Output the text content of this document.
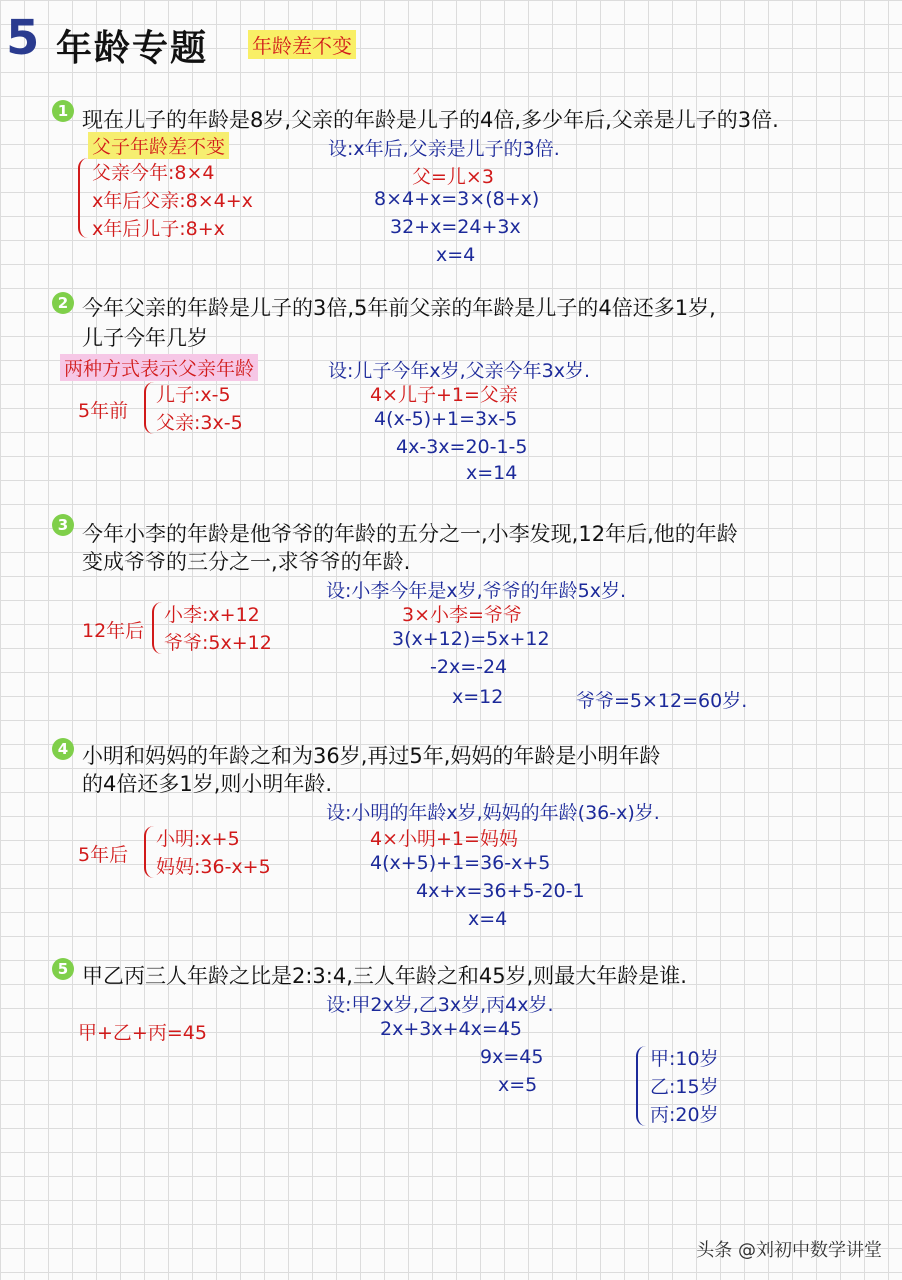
5 年龄专题 年龄差不变
1 现在儿子的年龄是8岁,父亲的年龄是儿子的4倍,多少年后,父亲是儿子的3倍.
父子年龄差不变
父亲今年:8×4
x年后父亲:8×4+x
x年后儿子:8+x
设:x年后,父亲是儿子的3倍.
父=儿×3
8×4+x=3×(8+x)
32+x=24+3x
x=4
2 今年父亲的年龄是儿子的3倍,5年前父亲的年龄是儿子的4倍还多1岁,
儿子今年几岁
两种方式表示父亲年龄
5年前
儿子:x-5
父亲:3x-5
设:儿子今年x岁,父亲今年3x岁.
4×儿子+1=父亲
4(x-5)+1=3x-5
4x-3x=20-1-5
x=14
3 今年小李的年龄是他爷爷的年龄的五分之一,小李发现,12年后,他的年龄
变成爷爷的三分之一,求爷爷的年龄.
设:小李今年是x岁,爷爷的年龄5x岁.
12年后
小李:x+12
爷爷:5x+12
3×小李=爷爷
3(x+12)=5x+12
-2x=-24
x=12	爷爷=5×12=60岁.
4 小明和妈妈的年龄之和为36岁,再过5年,妈妈的年龄是小明年龄
的4倍还多1岁,则小明年龄.
设:小明的年龄x岁,妈妈的年龄(36-x)岁.
5年后
小明:x+5
妈妈:36-x+5
4×小明+1=妈妈
4(x+5)+1=36-x+5
4x+x=36+5-20-1
x=4
5 甲乙丙三人年龄之比是2:3:4,三人年龄之和45岁,则最大年龄是谁.
设:甲2x岁,乙3x岁,丙4x岁.
甲+乙+丙=45	2x+3x+4x=45
9x=45
x=5
甲:10岁
乙:15岁
丙:20岁
头条 @刘初中数学讲堂
